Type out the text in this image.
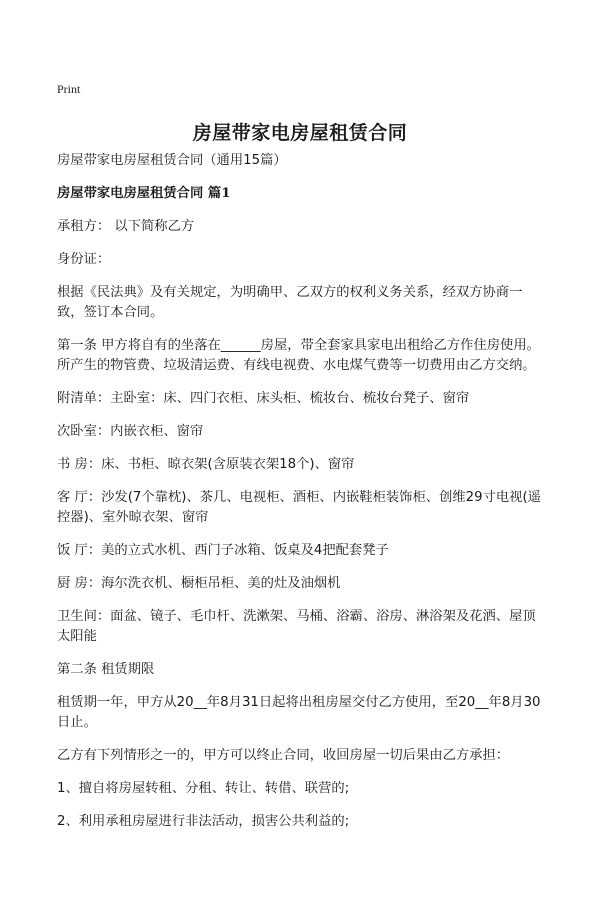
Print
房屋带家电房屋租赁合同

房屋带家电房屋租赁合同（通用15篇）

房屋带家电房屋租赁合同 篇1

承租方： 以下简称乙方

身份证：

根据《民法典》及有关规定，为明确甲、乙双方的权利义务关系，经双方协商一致，签订本合同。

第一条 甲方将自有的坐落在______房屋，带全套家具家电出租给乙方作住房使用。所产生的物管费、垃圾清运费、有线电视费、水电煤气费等一切费用由乙方交纳。

附清单：主卧室：床、四门衣柜、床头柜、梳妆台、梳妆台凳子、窗帘

次卧室：内嵌衣柜、窗帘

书 房：床、书柜、晾衣架(含原装衣架18个)、窗帘

客 厅：沙发(7个靠枕)、茶几、电视柜、酒柜、内嵌鞋柜装饰柜、创维29寸电视(遥控器)、室外晾衣架、窗帘

饭 厅：美的立式水机、西门子冰箱、饭桌及4把配套凳子

厨 房：海尔洗衣机、橱柜吊柜、美的灶及油烟机

卫生间：面盆、镜子、毛巾杆、洗漱架、马桶、浴霸、浴房、淋浴架及花洒、屋顶太阳能

第二条 租赁期限

租赁期一年，甲方从20__年8月31日起将出租房屋交付乙方使用，至20__年8月30日止。

乙方有下列情形之一的，甲方可以终止合同，收回房屋一切后果由乙方承担：

1、擅自将房屋转租、分租、转让、转借、联营的;

2、利用承租房屋进行非法活动，损害公共利益的;
